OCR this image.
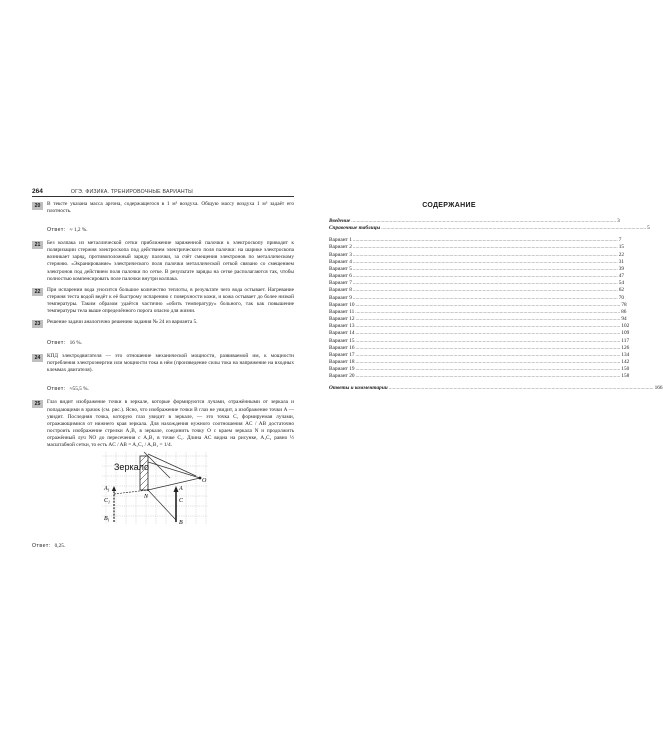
264	ОГЭ. ФИЗИКА. ТРЕНИРОВОЧНЫЕ ВАРИАНТЫ
20	В тексте указана масса аргона, содержащегося в 1 м³ воздуха. Общую массу воздуха 1 м³ задаёт его плотность.
Ответ: ≈ 1,2 %.
21	Без колпака из металлической сетки приближение заряженной палочки к электроскопу приводит к поляризации стержня электроскопа под действием электрического поля палочки: на шарике электроскопа возникает заряд, противоположный заряду палочки, за счёт смещения электронов по металлическому стержню. «Экранирование» электрического поля палочки металлической сеткой связано со смещением электронов под действием поля палочки по сетке. В результате заряды на сетке располагаются так, чтобы полностью компенсировать поле палочки внутри колпака.
22	При испарении вода уносится большое количество теплоты, в результате чего вода остывает. Нагревание стержня теста водой ведёт к её быстрому испарению с поверхности кожи, и кожа остывает до более низкой температуры. Таким образом удаётся частично «обить температуру» больного, так как повышение температуры тела выше определённого порога опасно для жизни.
23	Решение задачи аналогично решению задания № 24 из варианта 5.
Ответ: 16 %.
24	КПД электродвигателя — это отношение механической мощности, развиваемой им, к мощности потребления электроэнергии или мощности тока в нём (произведение силы тока на напряжение на входных клеммах двигателя).
Ответ: ≈55,5 %.
25	Глаз видит изображение точки в зеркале, которые формируются лучами, отражёнными от зеркала и попадающими в зрачок (см. рис.). Ясно, что изображение точки B глаз не увидит, а изображение точки A — увидит. Последняя точка, которую глаз увидит в зеркале, — это точка C, формируемая лучами, отражающимися от нижнего края зеркала. Для нахождения нужного соотношения AC / AB достаточно построить изображение стрелки A₁B₁ в зеркале, соединить точку O с краем зеркала N и продолжить отражённый луч NO до пересечения с A₁B₁ в точке C₁. Длина AC видна на рисунке, A₁C₁ равно ½ масштабной сетки, то есть AC / AB = A₁C₁ / A₁B₁ = 1/4.
Зеркало
A
C
B
$A_1$
$C_1$
$B_1$
N
O
Ответ: 0,25.
СОДЕРЖАНИЕ
Введение ........................................................................................................................................................................................................ 3
Справочные таблицы ........................................................................................................................................................................................................ 5
Вариант 1 ........................................................................................................................................................................................................ 7
Вариант 2 ........................................................................................................................................................................................................ 15
Вариант 3 ........................................................................................................................................................................................................ 22
Вариант 4 ........................................................................................................................................................................................................ 31
Вариант 5 ........................................................................................................................................................................................................ 39
Вариант 6 ........................................................................................................................................................................................................ 47
Вариант 7 ........................................................................................................................................................................................................ 54
Вариант 8 ........................................................................................................................................................................................................ 62
Вариант 9 ........................................................................................................................................................................................................ 70
Вариант 10 ........................................................................................................................................................................................................ 78
Вариант 11 ........................................................................................................................................................................................................ 86
Вариант 12 ........................................................................................................................................................................................................ 94
Вариант 13 ........................................................................................................................................................................................................ 102
Вариант 14 ........................................................................................................................................................................................................ 109
Вариант 15 ........................................................................................................................................................................................................ 117
Вариант 16 ........................................................................................................................................................................................................ 126
Вариант 17 ........................................................................................................................................................................................................ 134
Вариант 18 ........................................................................................................................................................................................................ 142
Вариант 19 ........................................................................................................................................................................................................ 150
Вариант 20 ........................................................................................................................................................................................................ 158
Ответы и комментарии ........................................................................................................................................................................................................ 166
